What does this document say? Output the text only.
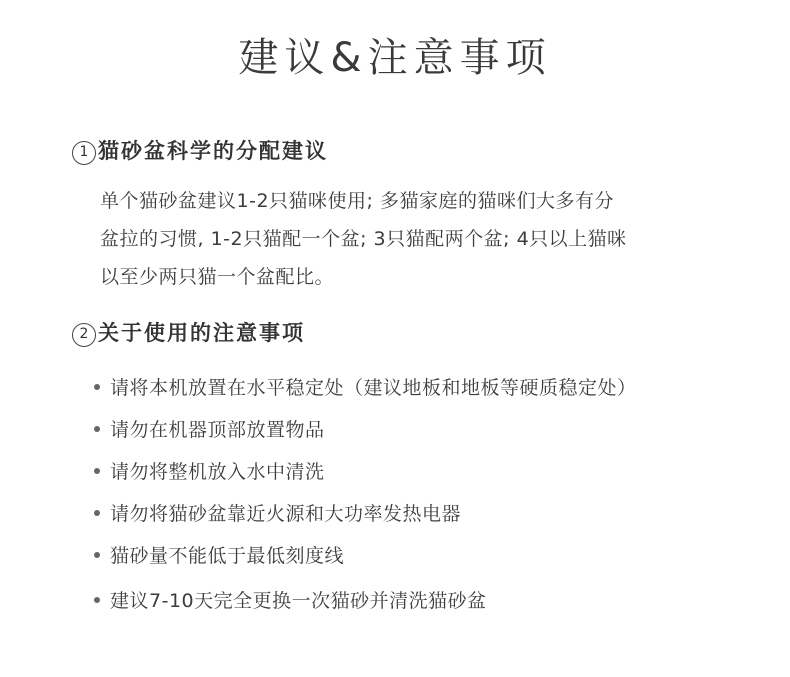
建议&注意事项
1 猫砂盆科学的分配建议
单个猫砂盆建议1-2只猫咪使用; 多猫家庭的猫咪们大多有分
盆拉的习惯, 1-2只猫配一个盆; 3只猫配两个盆; 4只以上猫咪
以至少两只猫一个盆配比。
2 关于使用的注意事项
请将本机放置在水平稳定处（建议地板和地板等硬质稳定处）
请勿在机器顶部放置物品
请勿将整机放入水中清洗
请勿将猫砂盆靠近火源和大功率发热电器
猫砂量不能低于最低刻度线
建议7-10天完全更换一次猫砂并清洗猫砂盆
